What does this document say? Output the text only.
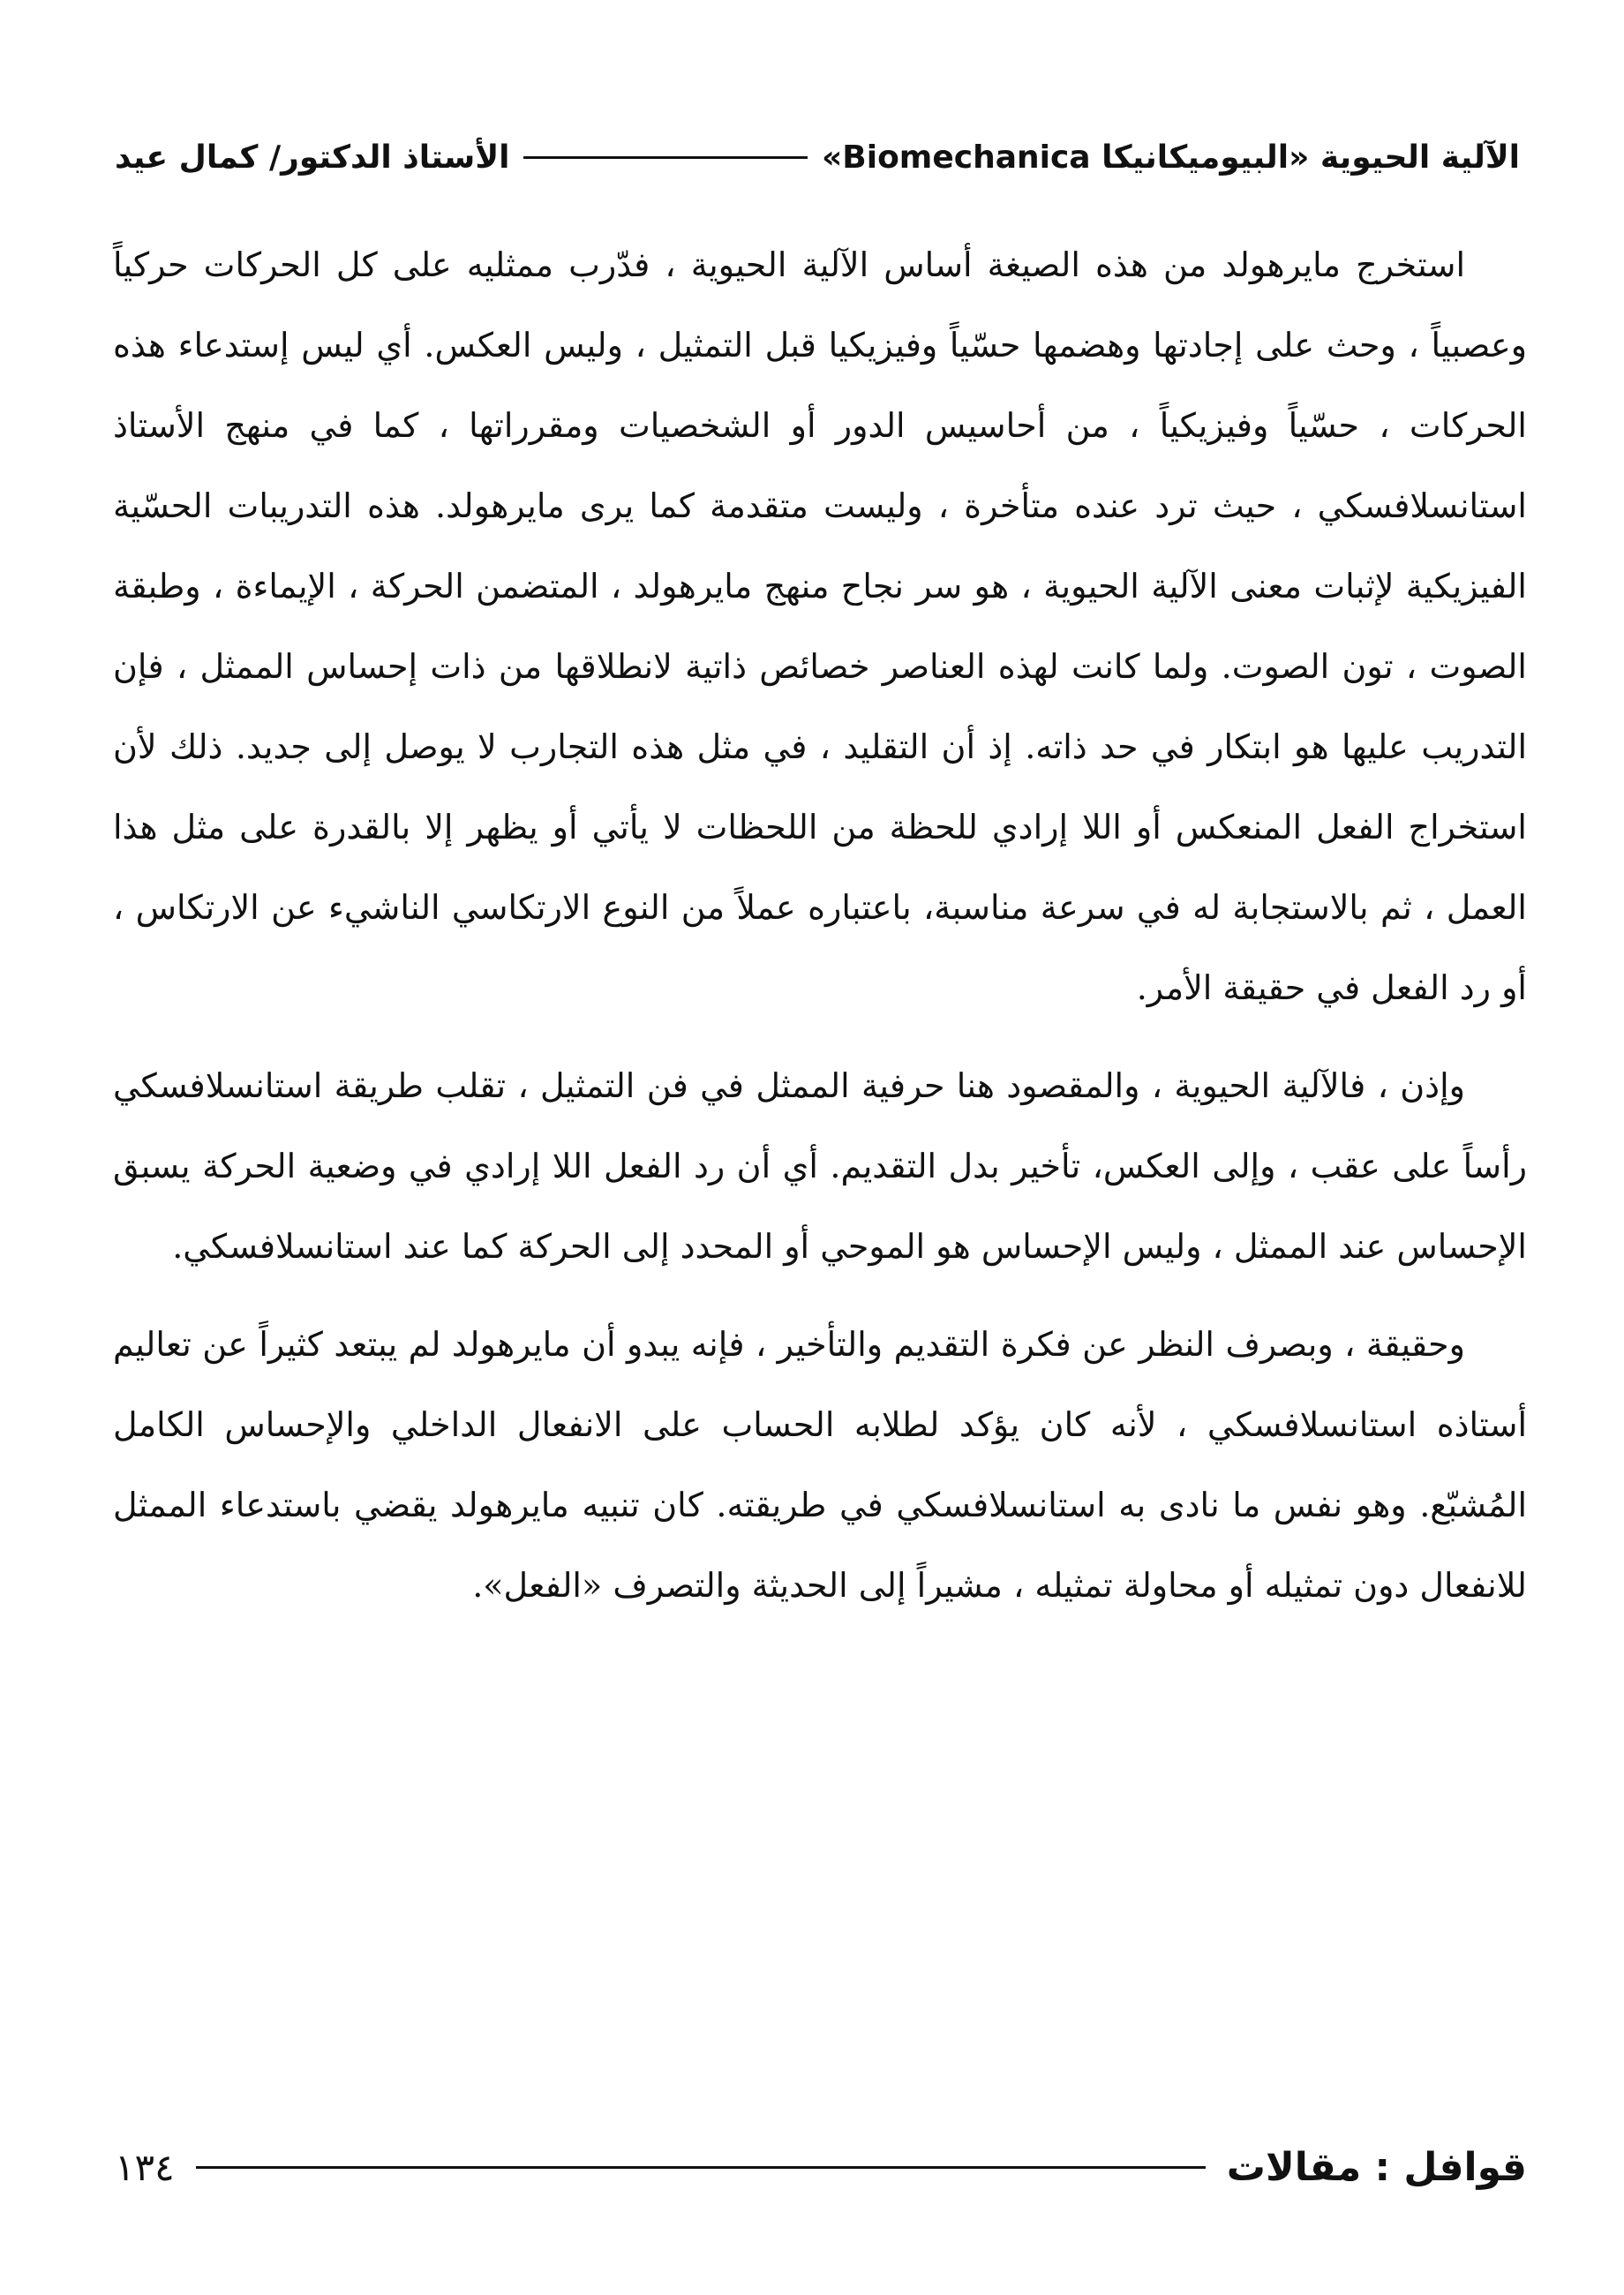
الآلية الحيوية «البيوميكانيكا Biomechanica»
الأستاذ الدكتور/ كمال عيد

استخرج مايرهولد من هذه الصيغة أساس الآلية الحيوية ، فدّرب ممثليه على كل الحركات حركياً وعصبياً ، وحث على إجادتها وهضمها حسّياً وفيزيكيا قبل التمثيل ، وليس العكس. أي ليس إستدعاء هذه الحركات ، حسّياً وفيزيكياً ، من أحاسيس الدور أو الشخصيات ومقرراتها ، كما في منهج الأستاذ استانسلافسكي ، حيث ترد عنده متأخرة ، وليست متقدمة كما يرى مايرهولد. هذه التدريبات الحسّية الفيزيكية لإثبات معنى الآلية الحيوية ، هو سر نجاح منهج مايرهولد ، المتضمن الحركة ، الإيماءة ، وطبقة الصوت ، تون الصوت. ولما كانت لهذه العناصر خصائص ذاتية لانطلاقها من ذات إحساس الممثل ، فإن التدريب عليها هو ابتكار في حد ذاته. إذ أن التقليد ، في مثل هذه التجارب لا يوصل إلى جديد. ذلك لأن استخراج الفعل المنعكس أو اللا إرادي للحظة من اللحظات لا يأتي أو يظهر إلا بالقدرة على مثل هذا العمل ، ثم بالاستجابة له في سرعة مناسبة، باعتباره عملاً من النوع الارتكاسي الناشيء عن الارتكاس ، أو رد الفعل في حقيقة الأمر.

وإذن ، فالآلية الحيوية ، والمقصود هنا حرفية الممثل في فن التمثيل ، تقلب طريقة استانسلافسكي رأساً على عقب ، وإلى العكس، تأخير بدل التقديم. أي أن رد الفعل اللا إرادي في وضعية الحركة يسبق الإحساس عند الممثل ، وليس الإحساس هو الموحي أو المحدد إلى الحركة كما عند استانسلافسكي.

وحقيقة ، وبصرف النظر عن فكرة التقديم والتأخير ، فإنه يبدو أن مايرهولد لم يبتعد كثيراً عن تعاليم أستاذه استانسلافسكي ، لأنه كان يؤكد لطلابه الحساب على الانفعال الداخلي والإحساس الكامل المُشبّع. وهو نفس ما نادى به استانسلافسكي في طريقته. كان تنبيه مايرهولد يقضي باستدعاء الممثل للانفعال دون تمثيله أو محاولة تمثيله ، مشيراً إلى الحديثة والتصرف «الفعل».

قوافل : مقالات
١٣٤
